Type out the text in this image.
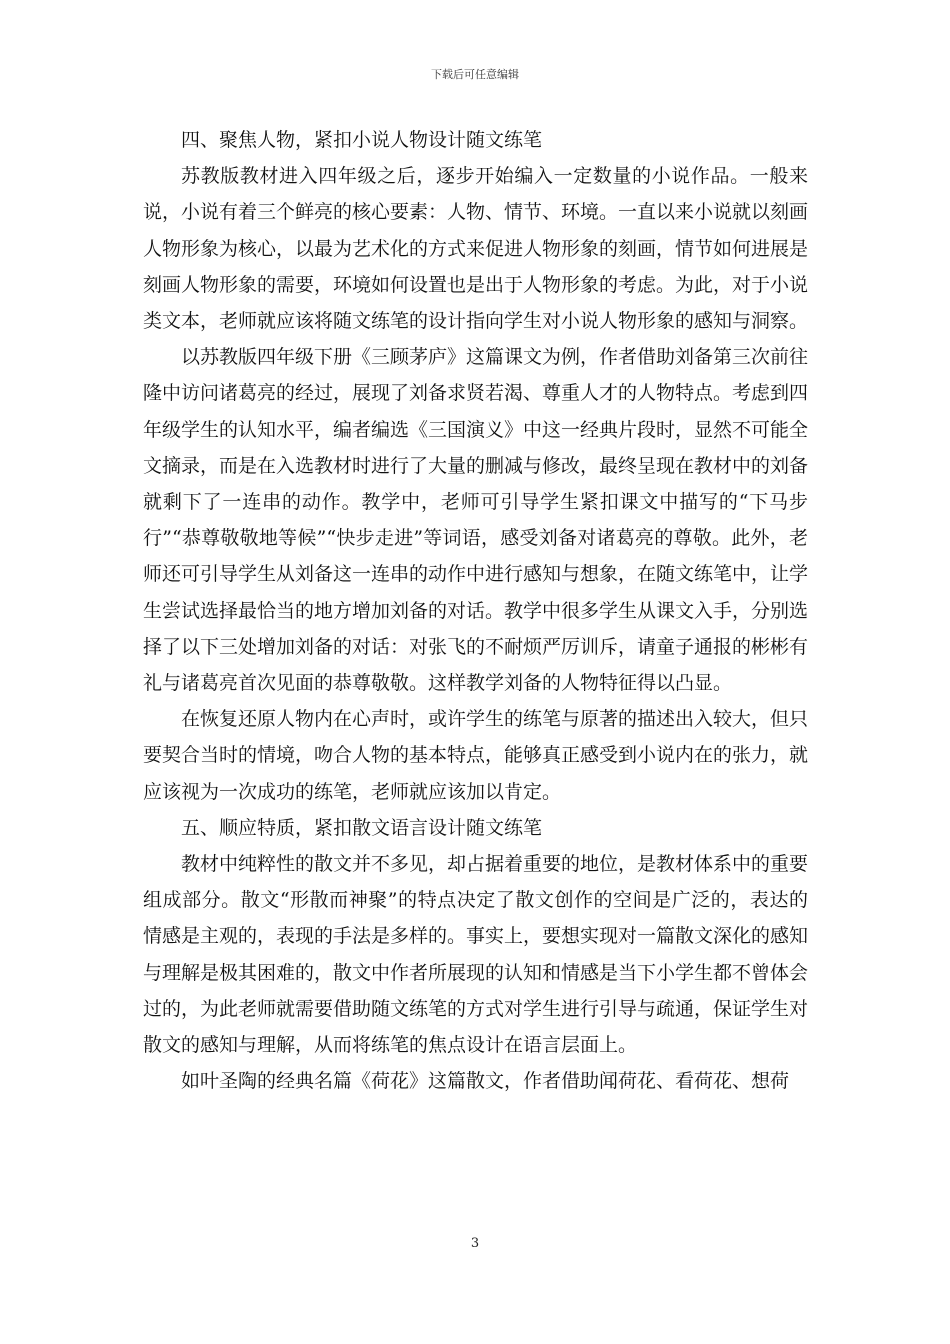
下载后可任意编辑

四、聚焦人物，紧扣小说人物设计随文练笔

苏教版教材进入四年级之后，逐步开始编入一定数量的小说作品。一般来说，小说有着三个鲜亮的核心要素：人物、情节、环境。一直以来小说就以刻画人物形象为核心，以最为艺术化的方式来促进人物形象的刻画，情节如何进展是刻画人物形象的需要，环境如何设置也是出于人物形象的考虑。为此，对于小说类文本，老师就应该将随文练笔的设计指向学生对小说人物形象的感知与洞察。

以苏教版四年级下册《三顾茅庐》这篇课文为例，作者借助刘备第三次前往隆中访问诸葛亮的经过，展现了刘备求贤若渴、尊重人才的人物特点。考虑到四年级学生的认知水平，编者编选《三国演义》中这一经典片段时，显然不可能全文摘录，而是在入选教材时进行了大量的删减与修改，最终呈现在教材中的刘备就剩下了一连串的动作。教学中，老师可引导学生紧扣课文中描写的“下马步行”“恭尊敬敬地等候”“快步走进”等词语，感受刘备对诸葛亮的尊敬。此外，老师还可引导学生从刘备这一连串的动作中进行感知与想象，在随文练笔中，让学生尝试选择最恰当的地方增加刘备的对话。教学中很多学生从课文入手，分别选择了以下三处增加刘备的对话：对张飞的不耐烦严厉训斥，请童子通报的彬彬有礼与诸葛亮首次见面的恭尊敬敬。这样教学刘备的人物特征得以凸显。

在恢复还原人物内在心声时，或许学生的练笔与原著的描述出入较大，但只要契合当时的情境，吻合人物的基本特点，能够真正感受到小说内在的张力，就应该视为一次成功的练笔，老师就应该加以肯定。

五、顺应特质，紧扣散文语言设计随文练笔

教材中纯粹性的散文并不多见，却占据着重要的地位，是教材体系中的重要组成部分。散文“形散而神聚”的特点决定了散文创作的空间是广泛的，表达的情感是主观的，表现的手法是多样的。事实上，要想实现对一篇散文深化的感知与理解是极其困难的，散文中作者所展现的认知和情感是当下小学生都不曾体会过的，为此老师就需要借助随文练笔的方式对学生进行引导与疏通，保证学生对散文的感知与理解，从而将练笔的焦点设计在语言层面上。

如叶圣陶的经典名篇《荷花》这篇散文，作者借助闻荷花、看荷花、想荷

3
